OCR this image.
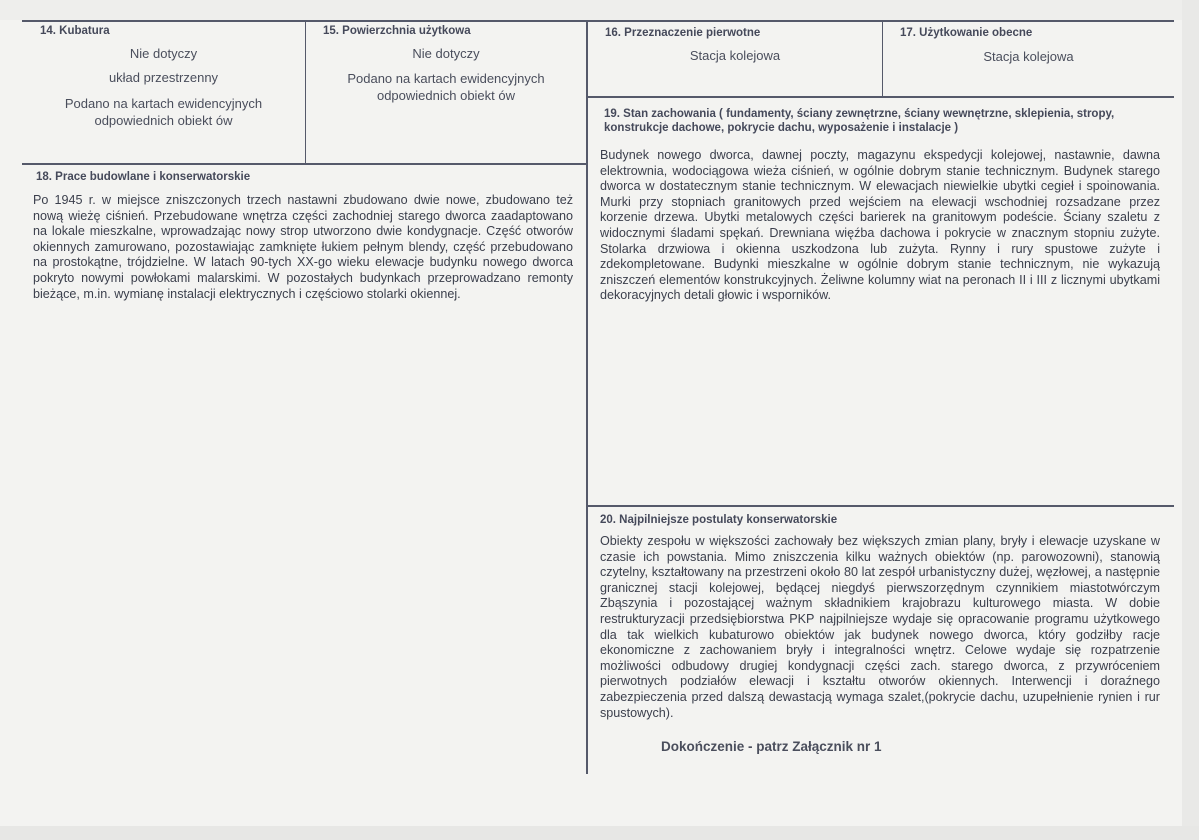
14. Kubatura
Nie dotyczy
układ przestrzenny
Podano na kartach ewidencyjnych
odpowiednich obiekt ów
15. Powierzchnia użytkowa
Nie dotyczy
Podano na kartach ewidencyjnych
odpowiednich obiekt ów
16. Przeznaczenie pierwotne
Stacja kolejowa
17. Użytkowanie obecne
Stacja kolejowa
18. Prace budowlane i konserwatorskie

Po 1945 r. w miejsce zniszczonych trzech nastawni zbudowano dwie nowe, zbudowano też nową wieżę ciśnień. Przebudowane wnętrza części zachodniej starego dworca zaadaptowano na lokale mieszkalne, wprowadzając nowy strop utworzono dwie kondygnacje. Część otworów okiennych zamurowano, pozostawiając zamknięte łukiem pełnym blendy, część przebudowano na prostokątne, trójdzielne. W latach 90-tych XX-go wieku elewacje budynku nowego dworca pokryto nowymi powłokami malarskimi. W pozostałych budynkach przeprowadzano remonty bieżące, m.in. wymianę instalacji elektrycznych i częściowo stolarki okiennej.

19. Stan zachowania ( fundamenty, ściany zewnętrzne, ściany wewnętrzne, sklepienia, stropy, konstrukcje dachowe, pokrycie dachu, wyposażenie i instalacje )

Budynek nowego dworca, dawnej poczty, magazynu ekspedycji kolejowej, nastawnie, dawna elektrownia, wodociągowa wieża ciśnień, w ogólnie dobrym stanie technicznym. Budynek starego dworca w dostatecznym stanie technicznym. W elewacjach niewielkie ubytki cegieł i spoinowania. Murki przy stopniach granitowych przed wejściem na elewacji wschodniej rozsadzane przez korzenie drzewa. Ubytki metalowych części barierek na granitowym podeście. Ściany szaletu z widocznymi śladami spękań. Drewniana więźba dachowa i pokrycie w znacznym stopniu zużyte. Stolarka drzwiowa i okienna uszkodzona lub zużyta. Rynny i rury spustowe zużyte i zdekompletowane. Budynki mieszkalne w ogólnie dobrym stanie technicznym, nie wykazują zniszczeń elementów konstrukcyjnych. Żeliwne kolumny wiat na peronach II i III z licznymi ubytkami dekoracyjnych detali głowic i wsporników.

20. Najpilniejsze postulaty konserwatorskie

Obiekty zespołu w większości zachowały bez większych zmian plany, bryły i elewacje uzyskane w czasie ich powstania. Mimo zniszczenia kilku ważnych obiektów (np. parowozowni), stanowią czytelny, kształtowany na przestrzeni około 80 lat zespół urbanistyczny dużej, węzłowej, a następnie granicznej stacji kolejowej, będącej niegdyś pierwszorzędnym czynnikiem miastotwórczym Zbąszynia i pozostającej ważnym składnikiem krajobrazu kulturowego miasta. W dobie restrukturyzacji przedsiębiorstwa PKP najpilniejsze wydaje się opracowanie programu użytkowego dla tak wielkich kubaturowo obiektów jak budynek nowego dworca, który godziłby racje ekonomiczne z zachowaniem bryły i integralności wnętrz. Celowe wydaje się rozpatrzenie możliwości odbudowy drugiej kondygnacji części zach. starego dworca, z przywróceniem pierwotnych podziałów elewacji i kształtu otworów okiennych. Interwencji i doraźnego zabezpieczenia przed dalszą dewastacją wymaga szalet,(pokrycie dachu, uzupełnienie rynien i rur spustowych).

Dokończenie - patrz Załącznik nr 1
